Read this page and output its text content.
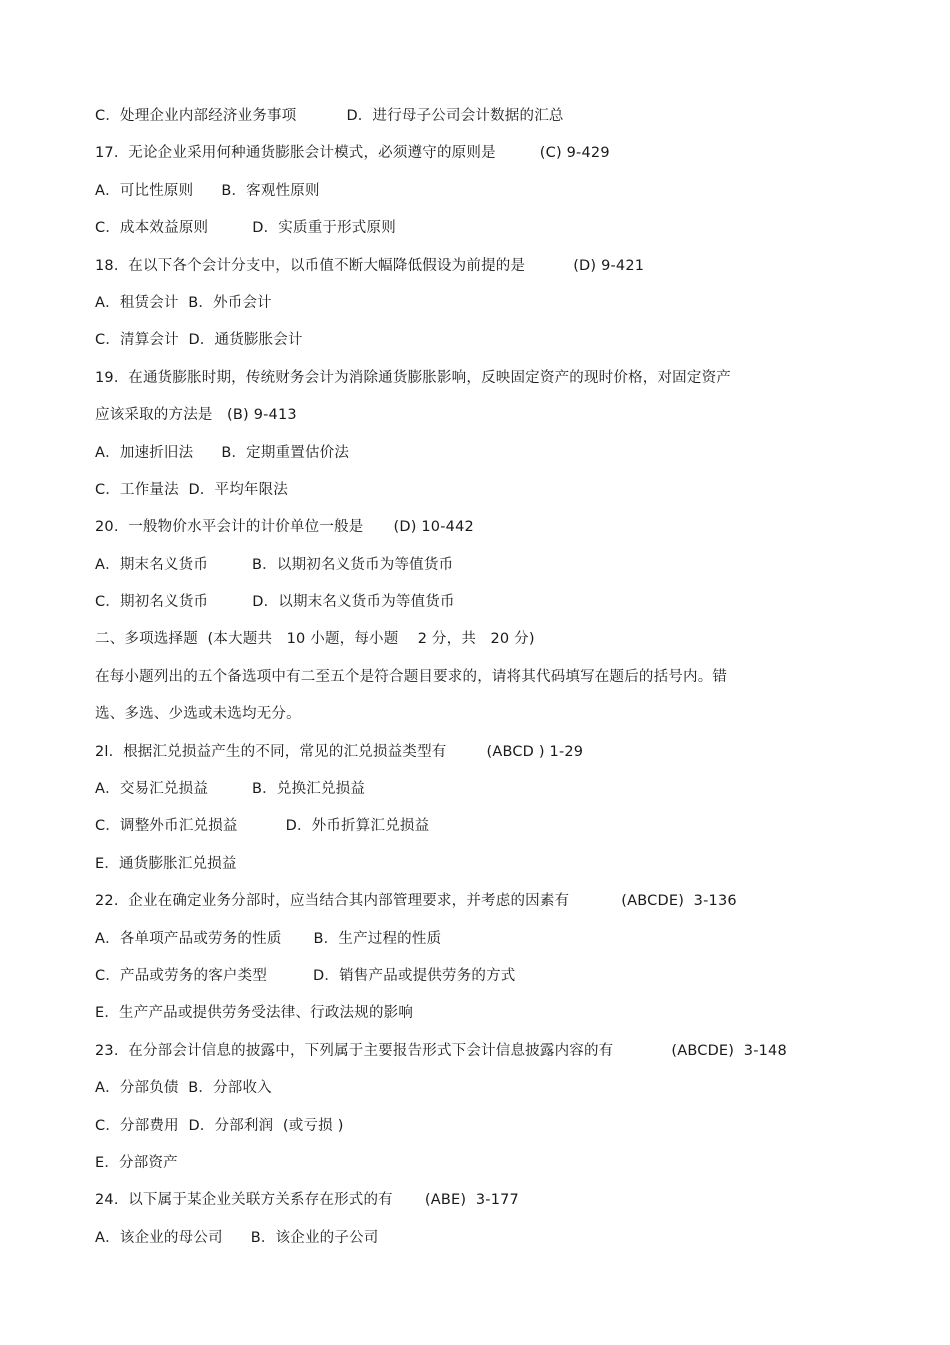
C．处理企业内部经济业务事项	D．进行母子公司会计数据的汇总
17.  无论企业采用何种通货膨胀会计模式，必须遵守的原则是	(C) 9-429
A．可比性原则 B．客观性原则
C．成本效益原则	D．实质重于形式原则
18.  在以下各个会计分支中，以币值不断大幅降低假设为前提的是	(D) 9-421
A．租赁会计  B．外币会计
C．清算会计  D．通货膨胀会计
19.  在通货膨胀时期，传统财务会计为消除通货膨胀影响，反映固定资产的现时价格，对固定资产
应该采取的方法是   (B) 9-413
A．加速折旧法 B．定期重置估价法
C．工作量法  D．平均年限法
20.  一般物价水平会计的计价单位一般是 (D) 10-442
A．期末名义货币	B．以期初名义货币为等值货币
C．期初名义货币	D．以期末名义货币为等值货币
二、多项选择题  (本大题共   10 小题，每小题    2 分，共   20 分)
在每小题列出的五个备选项中有二至五个是符合题目要求的，请将其代码填写在题后的括号内。错
选、多选、少选或未选均无分。
2l.  根据汇兑损益产生的不同，常见的汇兑损益类型有	(ABCD ) 1-29
A．交易汇兑损益	B．兑换汇兑损益
C．调整外币汇兑损益	D．外币折算汇兑损益
E．通货膨胀汇兑损益
22.  企业在确定业务分部时，应当结合其内部管理要求，并考虑的因素有	(ABCDE)  3-136
A．各单项产品或劳务的性质 B．生产过程的性质
C．产品或劳务的客户类型	D．销售产品或提供劳务的方式
E．生产产品或提供劳务受法律、行政法规的影响
23.  在分部会计信息的披露中，下列属于主要报告形式下会计信息披露内容的有	(ABCDE)  3-148
A．分部负债  B．分部收入
C．分部费用  D．分部利润  (或亏损 )
E．分部资产
24.  以下属于某企业关联方关系存在形式的有 (ABE)  3-177
A．该企业的母公司 B．该企业的子公司
